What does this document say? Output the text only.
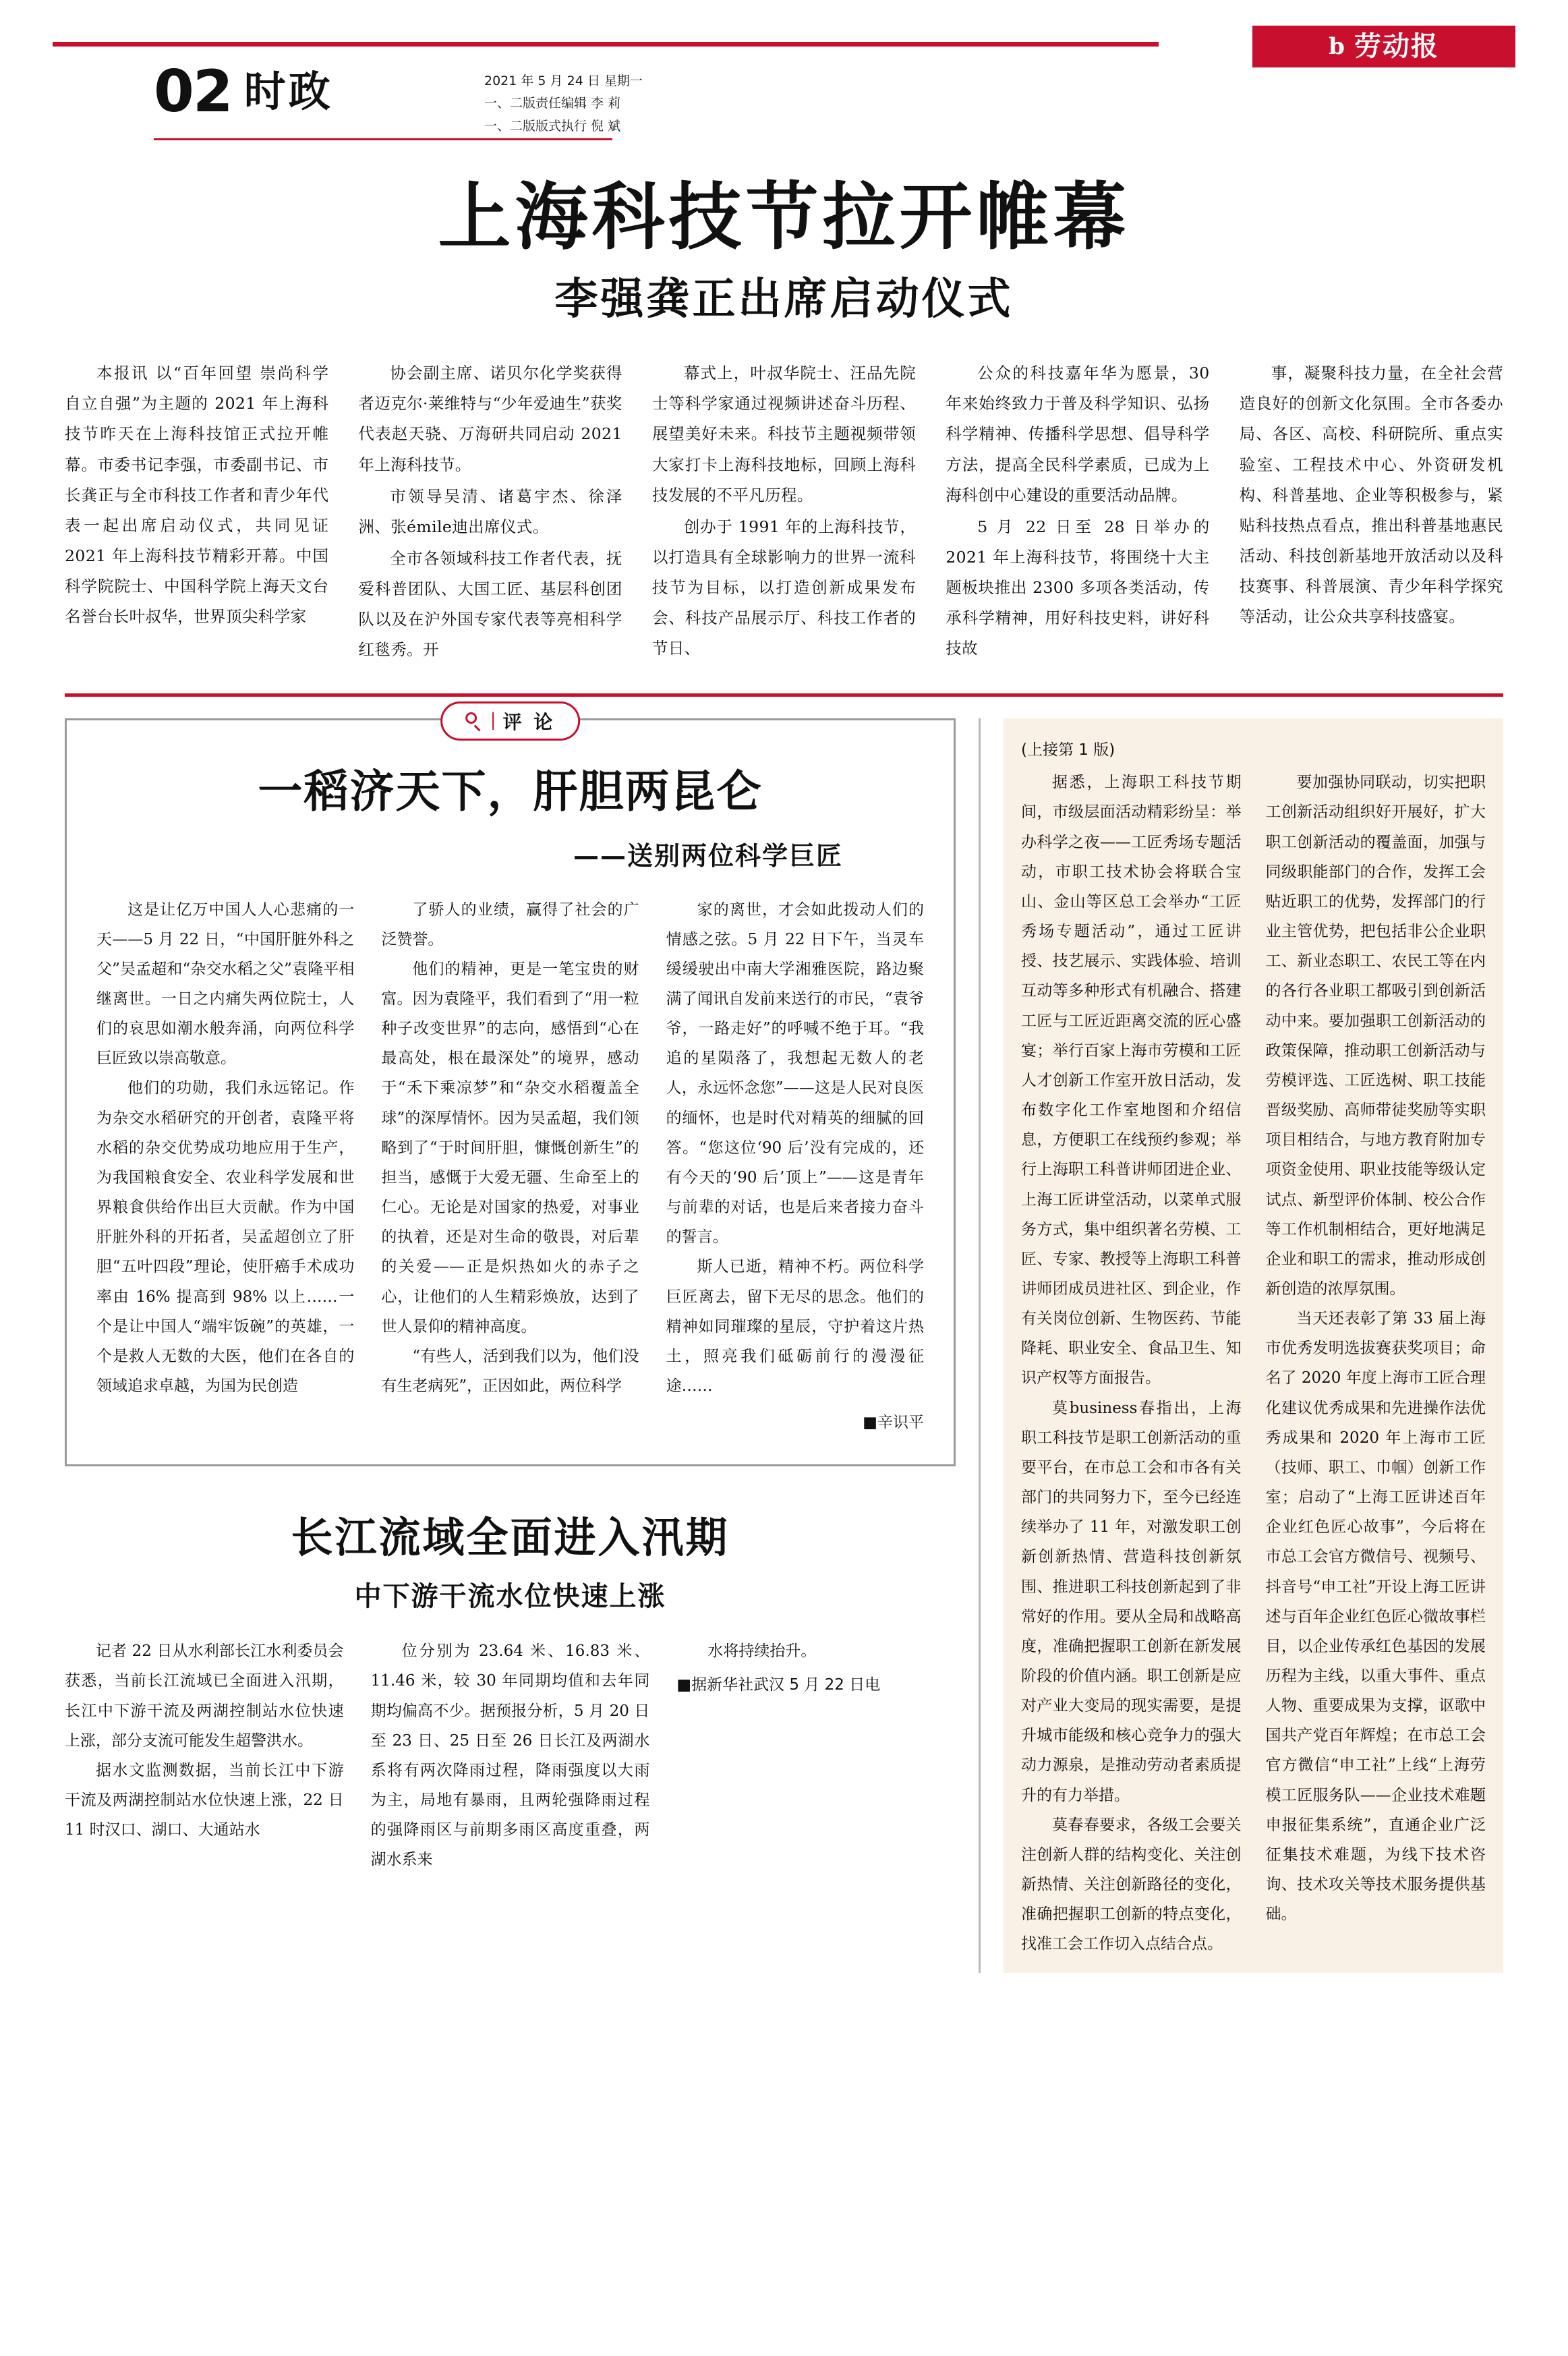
b 劳动报
02 时政	2021 年 5 月 24 日 星期一
一、二版责任编辑 李 莉
一、二版版式执行 倪 斌
上海科技节拉开帷幕
李强龚正出席启动仪式

本报讯 以“百年回望 崇尚科学 自立自强”为主题的 2021 年上海科技节昨天在上海科技馆正式拉开帷幕。市委书记李强，市委副书记、市长龚正与全市科技工作者和青少年代表一起出席启动仪式，共同见证 2021 年上海科技节精彩开幕。中国科学院院士、中国科学院上海天文台名誉台长叶叔华，世界顶尖科学家

协会副主席、诺贝尔化学奖获得者迈克尔·莱维特与“少年爱迪生”获奖代表赵天骁、万海研共同启动 2021 年上海科技节。

市领导吴清、诸葛宇杰、徐泽洲、张émile迪出席仪式。

全市各领域科技工作者代表，抚爱科普团队、大国工匠、基层科创团队以及在沪外国专家代表等亮相科学红毯秀。开

幕式上，叶叔华院士、汪品先院士等科学家通过视频讲述奋斗历程、展望美好未来。科技节主题视频带领大家打卡上海科技地标，回顾上海科技发展的不平凡历程。

创办于 1991 年的上海科技节，以打造具有全球影响力的世界一流科技节为目标，以打造创新成果发布会、科技产品展示厅、科技工作者的节日、

公众的科技嘉年华为愿景，30 年来始终致力于普及科学知识、弘扬科学精神、传播科学思想、倡导科学方法，提高全民科学素质，已成为上海科创中心建设的重要活动品牌。

5 月 22 日至 28 日举办的 2021 年上海科技节，将围绕十大主题板块推出 2300 多项各类活动，传承科学精神，用好科技史料，讲好科技故

事，凝聚科技力量，在全社会营造良好的创新文化氛围。全市各委办局、各区、高校、科研院所、重点实验室、工程技术中心、外资研发机构、科普基地、企业等积极参与，紧贴科技热点看点，推出科普基地惠民活动、科技创新基地开放活动以及科技赛事、科普展演、青少年科学探究等活动，让公众共享科技盛宴。

评 论
一稻济天下，肝胆两昆仑
——送别两位科学巨匠

这是让亿万中国人人心悲痛的一天——5 月 22 日，“中国肝脏外科之父”吴孟超和“杂交水稻之父”袁隆平相继离世。一日之内痛失两位院士，人们的哀思如潮水般奔涌，向两位科学巨匠致以崇高敬意。

他们的功勋，我们永远铭记。作为杂交水稻研究的开创者，袁隆平将水稻的杂交优势成功地应用于生产，为我国粮食安全、农业科学发展和世界粮食供给作出巨大贡献。作为中国肝脏外科的开拓者，吴孟超创立了肝胆“五叶四段”理论，使肝癌手术成功率由 16% 提高到 98% 以上……一个是让中国人“端牢饭碗”的英雄，一个是救人无数的大医，他们在各自的领域追求卓越，为国为民创造

了骄人的业绩，赢得了社会的广泛赞誉。

他们的精神，更是一笔宝贵的财富。因为袁隆平，我们看到了“用一粒种子改变世界”的志向，感悟到“心在最高处，根在最深处”的境界，感动于“禾下乘凉梦”和“杂交水稻覆盖全球”的深厚情怀。因为吴孟超，我们领略到了“于时间肝胆，慷慨创新生”的担当，感慨于大爱无疆、生命至上的仁心。无论是对国家的热爱，对事业的执着，还是对生命的敬畏，对后辈的关爱——正是炽热如火的赤子之心，让他们的人生精彩焕放，达到了世人景仰的精神高度。

“有些人，活到我们以为，他们没有生老病死”，正因如此，两位科学

家的离世，才会如此拨动人们的情感之弦。5 月 22 日下午，当灵车缓缓驶出中南大学湘雅医院，路边聚满了闻讯自发前来送行的市民，“袁爷爷，一路走好”的呼喊不绝于耳。“我追的星陨落了，我想起无数人的老人，永远怀念您”——这是人民对良医的缅怀，也是时代对精英的细腻的回答。“您这位‘90 后’没有完成的，还有今天的‘90 后’顶上”——这是青年与前辈的对话，也是后来者接力奋斗的誓言。

斯人已逝，精神不朽。两位科学巨匠离去，留下无尽的思念。他们的精神如同璀璨的星辰，守护着这片热土，照亮我们砥砺前行的漫漫征途……

■辛识平
长江流域全面进入汛期
中下游干流水位快速上涨

记者 22 日从水利部长江水利委员会获悉，当前长江流域已全面进入汛期，长江中下游干流及两湖控制站水位快速上涨，部分支流可能发生超警洪水。

据水文监测数据，当前长江中下游干流及两湖控制站水位快速上涨，22 日 11 时汉口、湖口、大通站水

位分别为 23.64 米、16.83 米、11.46 米，较 30 年同期均值和去年同期均偏高不少。据预报分析，5 月 20 日至 23 日、25 日至 26 日长江及两湖水系将有两次降雨过程，降雨强度以大雨为主，局地有暴雨，且两轮强降雨过程的强降雨区与前期多雨区高度重叠，两湖水系来

水将持续抬升。

■据新华社武汉 5 月 22 日电

(上接第 1 版)

据悉，上海职工科技节期间，市级层面活动精彩纷呈：举办科学之夜——工匠秀场专题活动，市职工技术协会将联合宝山、金山等区总工会举办“工匠秀场专题活动”，通过工匠讲授、技艺展示、实践体验、培训互动等多种形式有机融合、搭建工匠与工匠近距离交流的匠心盛宴；举行百家上海市劳模和工匠人才创新工作室开放日活动，发布数字化工作室地图和介绍信息，方便职工在线预约参观；举行上海职工科普讲师团进企业、上海工匠讲堂活动，以菜单式服务方式，集中组织著名劳模、工匠、专家、教授等上海职工科普讲师团成员进社区、到企业，作有关岗位创新、生物医药、节能降耗、职业安全、食品卫生、知识产权等方面报告。

莫business春指出，上海职工科技节是职工创新活动的重要平台，在市总工会和市各有关部门的共同努力下，至今已经连续举办了 11 年，对激发职工创新创新热情、营造科技创新氛围、推进职工科技创新起到了非常好的作用。要从全局和战略高度，准确把握职工创新在新发展阶段的价值内涵。职工创新是应对产业大变局的现实需要，是提升城市能级和核心竞争力的强大动力源泉，是推动劳动者素质提升的有力举措。

莫春春要求，各级工会要关注创新人群的结构变化、关注创新热情、关注创新路径的变化，准确把握职工创新的特点变化，找准工会工作切入点结合点。

要加强协同联动，切实把职工创新活动组织好开展好，扩大职工创新活动的覆盖面，加强与同级职能部门的合作，发挥工会贴近职工的优势，发挥部门的行业主管优势，把包括非公企业职工、新业态职工、农民工等在内的各行各业职工都吸引到创新活动中来。要加强职工创新活动的政策保障，推动职工创新活动与劳模评选、工匠选树、职工技能晋级奖励、高师带徒奖励等实职项目相结合，与地方教育附加专项资金使用、职业技能等级认定试点、新型评价体制、校公合作等工作机制相结合，更好地满足企业和职工的需求，推动形成创新创造的浓厚氛围。

当天还表彰了第 33 届上海市优秀发明选拔赛获奖项目；命名了 2020 年度上海市工匠合理化建议优秀成果和先进操作法优秀成果和 2020 年上海市工匠（技师、职工、巾帼）创新工作室；启动了“上海工匠讲述百年企业红色匠心故事”，今后将在市总工会官方微信号、视频号、抖音号“申工社”开设上海工匠讲述与百年企业红色匠心微故事栏目，以企业传承红色基因的发展历程为主线，以重大事件、重点人物、重要成果为支撑，讴歌中国共产党百年辉煌；在市总工会官方微信“申工社”上线“上海劳模工匠服务队——企业技术难题申报征集系统”，直通企业广泛征集技术难题，为线下技术咨询、技术攻关等技术服务提供基础。
